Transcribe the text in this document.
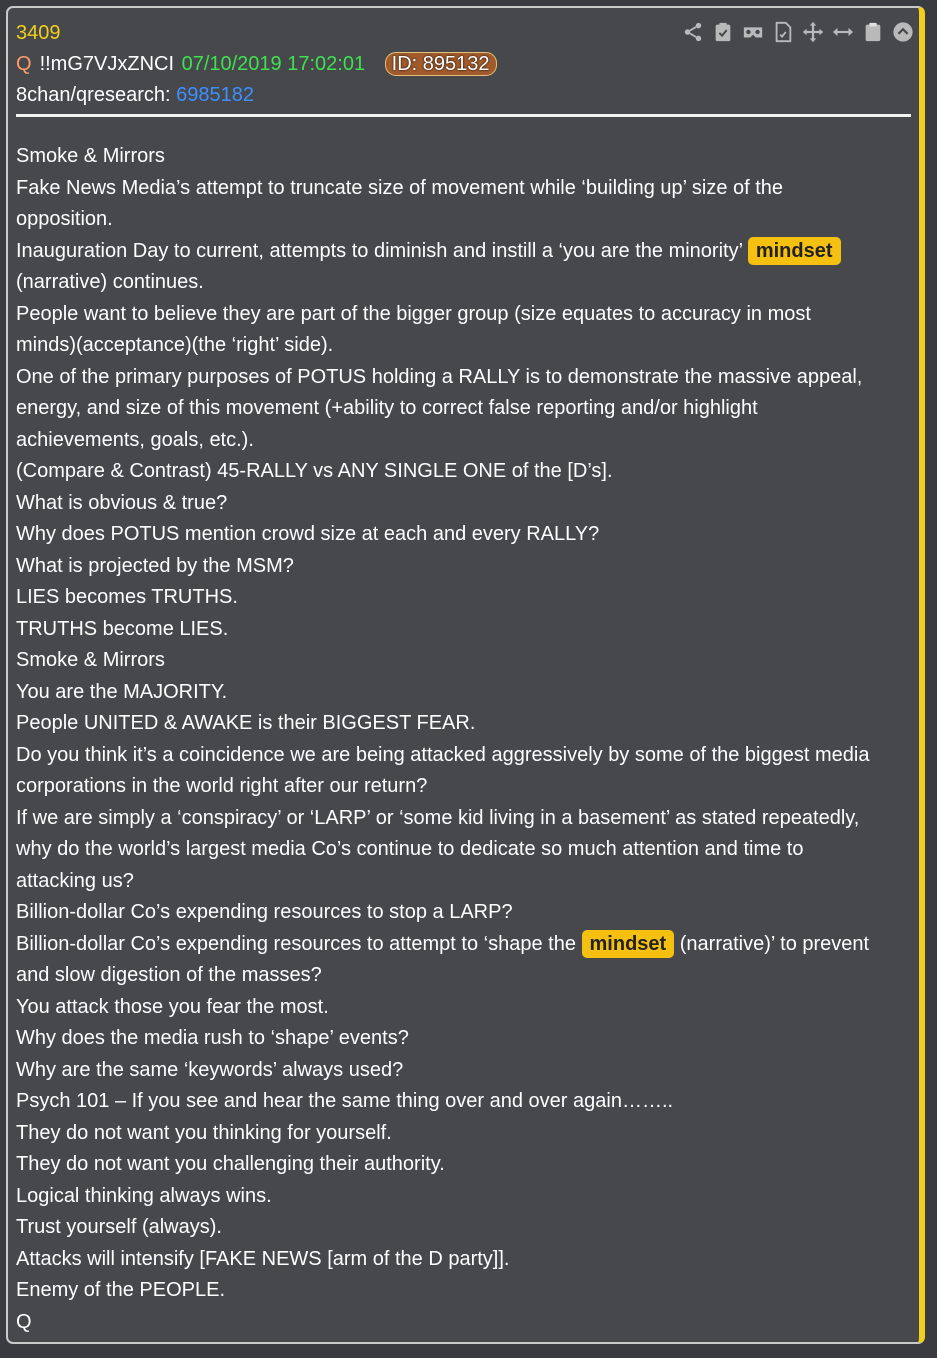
3409
Q !!mG7VJxZNCI 07/10/2019 17:02:01 ID: 895132
8chan/qresearch: 6985182
Smoke & Mirrors
Fake News Media’s attempt to truncate size of movement while ‘building up’ size of the
opposition.
Inauguration Day to current, attempts to diminish and instill a ‘you are the minority’ mindset
(narrative) continues.
People want to believe they are part of the bigger group (size equates to accuracy in most
minds)(acceptance)(the ‘right’ side).
One of the primary purposes of POTUS holding a RALLY is to demonstrate the massive appeal,
energy, and size of this movement (+ability to correct false reporting and/or highlight
achievements, goals, etc.).
(Compare & Contrast) 45-RALLY vs ANY SINGLE ONE of the [D’s].
What is obvious & true?
Why does POTUS mention crowd size at each and every RALLY?
What is projected by the MSM?
LIES becomes TRUTHS.
TRUTHS become LIES.
Smoke & Mirrors
You are the MAJORITY.
People UNITED & AWAKE is their BIGGEST FEAR.
Do you think it’s a coincidence we are being attacked aggressively by some of the biggest media
corporations in the world right after our return?
If we are simply a ‘conspiracy’ or ‘LARP’ or ‘some kid living in a basement’ as stated repeatedly,
why do the world’s largest media Co’s continue to dedicate so much attention and time to
attacking us?
Billion-dollar Co’s expending resources to stop a LARP?
Billion-dollar Co’s expending resources to attempt to ‘shape the mindset (narrative)’ to prevent
and slow digestion of the masses?
You attack those you fear the most.
Why does the media rush to ‘shape’ events?
Why are the same ‘keywords’ always used?
Psych 101 – If you see and hear the same thing over and over again……..
They do not want you thinking for yourself.
They do not want you challenging their authority.
Logical thinking always wins.
Trust yourself (always).
Attacks will intensify [FAKE NEWS [arm of the D party]].
Enemy of the PEOPLE.
Q
